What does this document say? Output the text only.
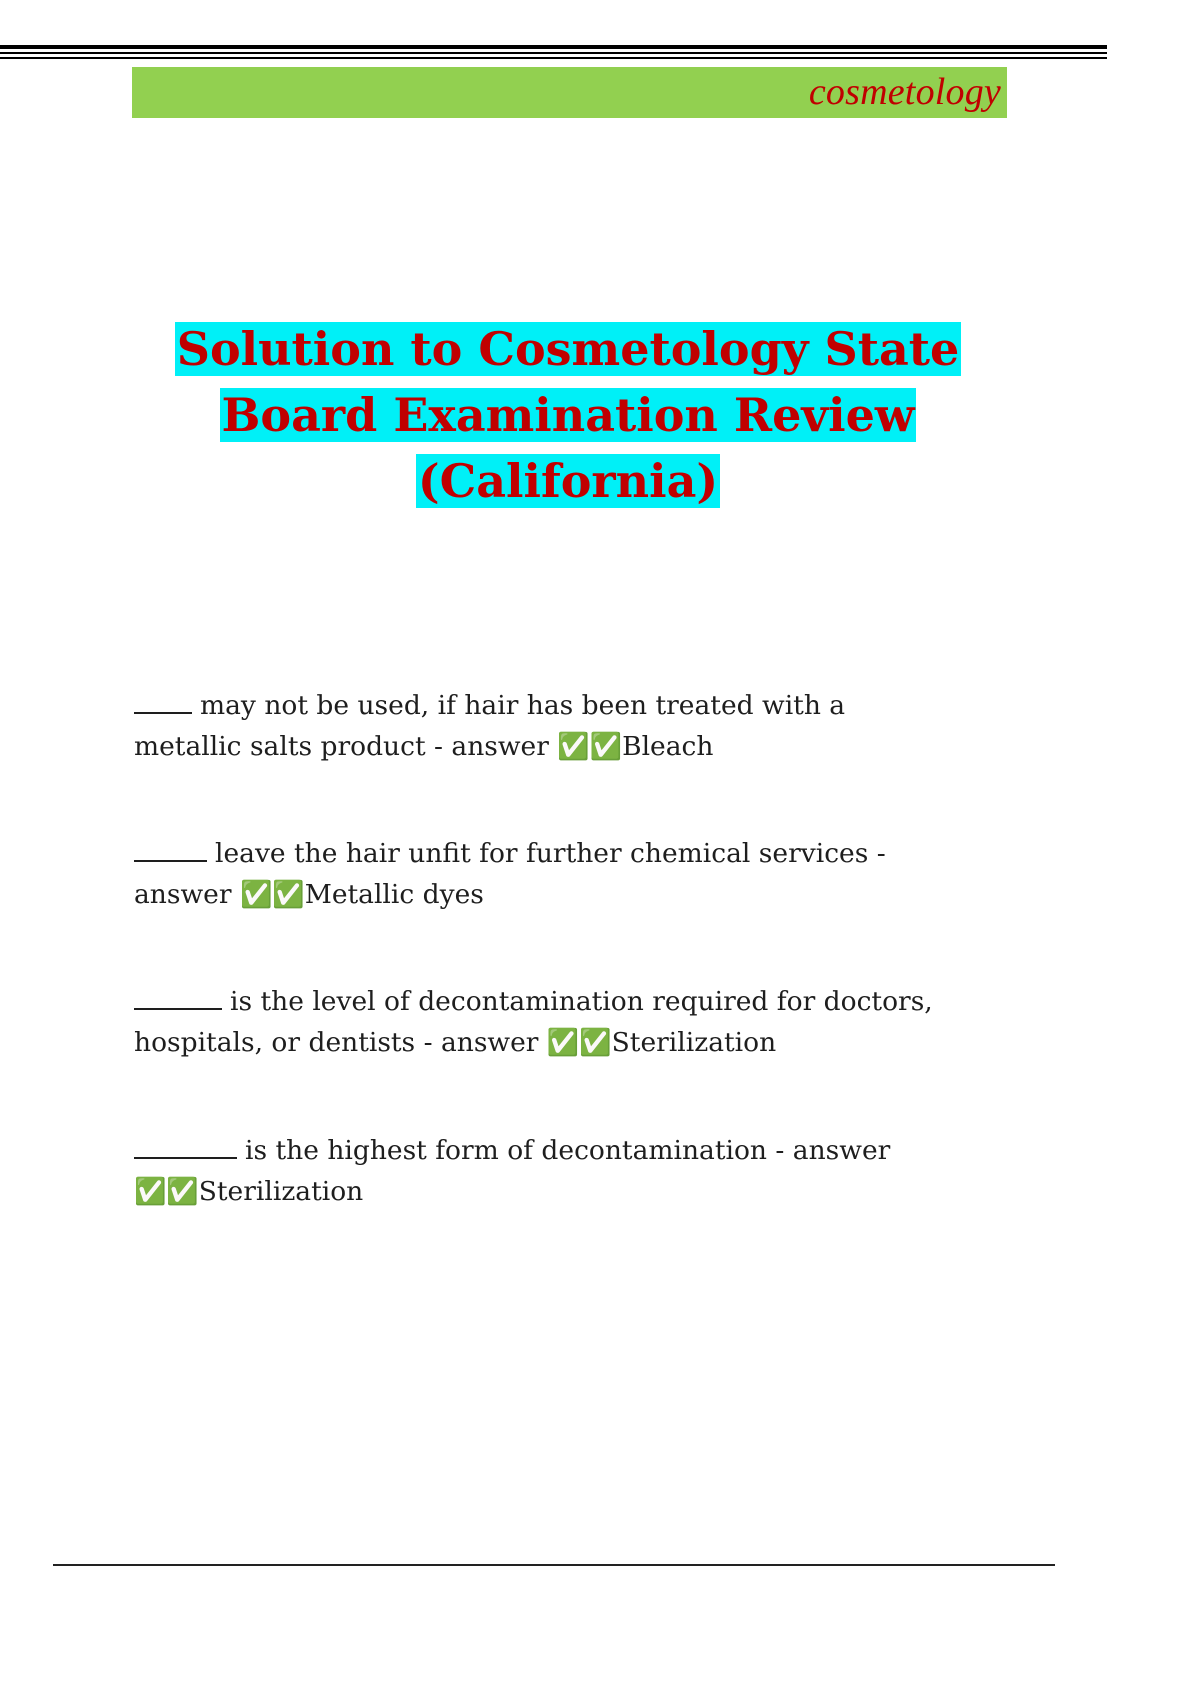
cosmetology
Solution to Cosmetology State
Board Examination Review
(California)
may not be used, if hair has been treated with a
metallic salts product - answer ✅✅Bleach
leave the hair unfit for further chemical services -
answer ✅✅Metallic dyes
is the level of decontamination required for doctors,
hospitals, or dentists - answer ✅✅Sterilization
is the highest form of decontamination - answer
✅✅Sterilization
